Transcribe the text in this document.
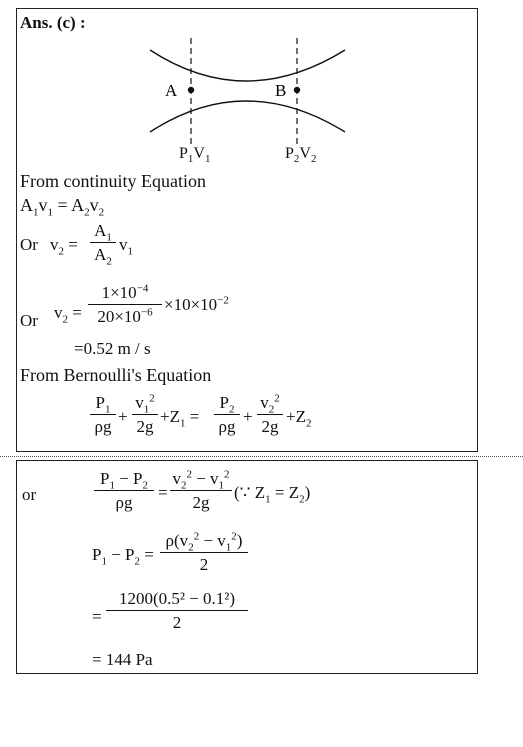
Ans. (c) :
A	B
$P_1V_1$	$P_2V_2$
From continuity Equation
$A_1v_1 = A_2v_2$
Or $v_2$ =
$A_1$
$A_2$
$v_1$
Or $v_2$ =
$1\times 10^{-4}$
$20\times 10^{-6} \times 10\times 10^{-2}$
=0.52 m / s
From Bernoulli's Equation
$P_1$
ρg
+
$v_1^2$
2g
$+Z_1$ =
$P_2$
ρg
+
$v_2^2$
2g
$+Z_2$
or
$P_1 - P_2$
ρg
=
$v_2^2 - v_1^2$
2g
(∵ $Z_1 = Z_2$)
$P_1 - P_2$ =
$\rho(v_2^2 - v_1^2)$
2
=
1200(0.5² − 0.1²)
2
= 144 Pa
